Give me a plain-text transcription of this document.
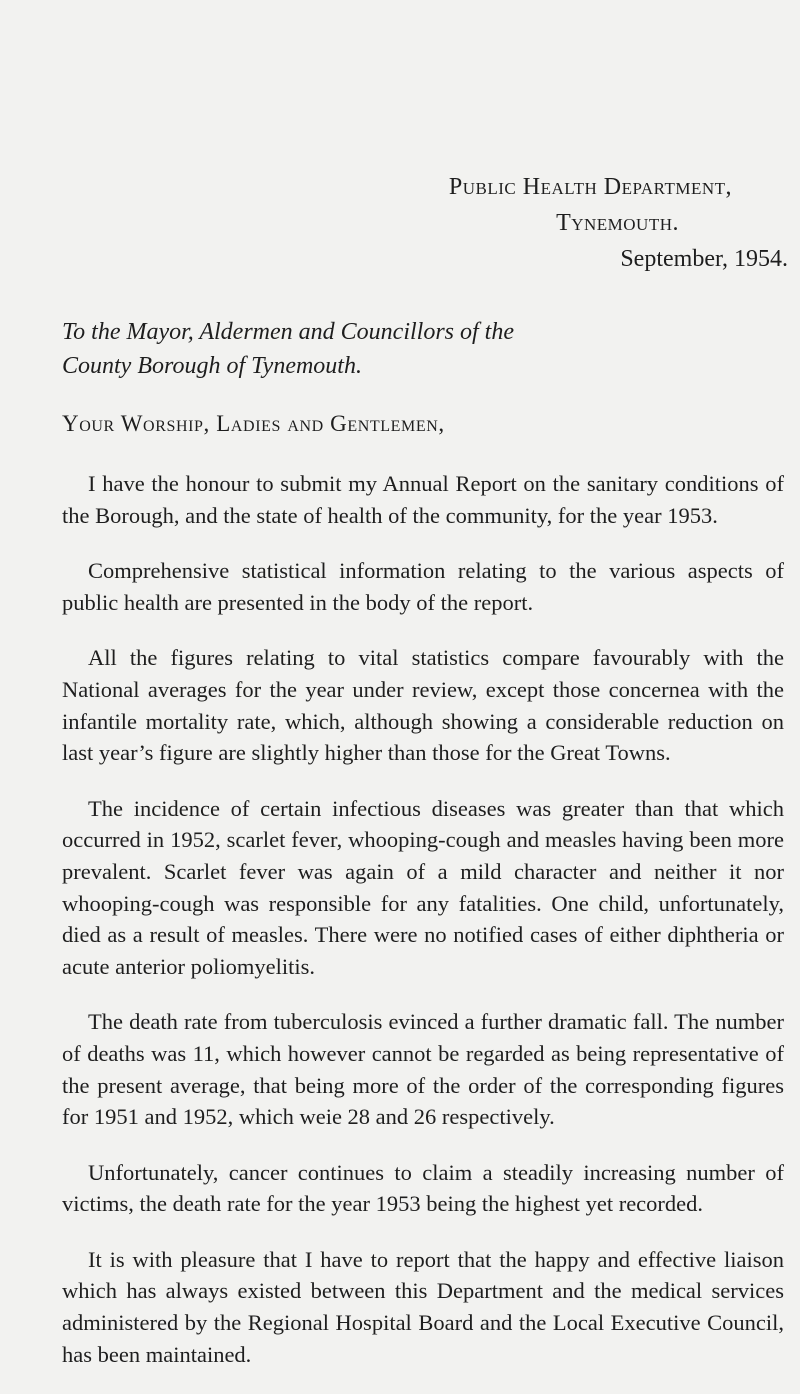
Public Health Department,
Tynemouth.
September, 1954.
To the Mayor, Aldermen and Councillors of the
County Borough of Tynemouth.
Your Worship, Ladies and Gentlemen,

I have the honour to submit my Annual Report on the sanitary conditions of the Borough, and the state of health of the community, for the year 1953.

Comprehensive statistical information relating to the various aspects of public health are presented in the body of the report.

All the figures relating to vital statistics compare favourably with the National averages for the year under review, except those concernea with the infantile mortality rate, which, although showing a considerable reduction on last year’s figure are slightly higher than those for the Great Towns.

The incidence of certain infectious diseases was greater than that which occurred in 1952, scarlet fever, whooping-cough and measles having been more prevalent. Scarlet fever was again of a mild character and neither it nor whooping-cough was responsible for any fatalities. One child, unfortunately, died as a result of measles. There were no notified cases of either diphtheria or acute anterior poliomyelitis.

The death rate from tuberculosis evinced a further dramatic fall. The number of deaths was 11, which however cannot be regarded as being representative of the present average, that being more of the order of the corresponding figures for 1951 and 1952, which weie 28 and 26 respectively.

Unfortunately, cancer continues to claim a steadily increasing number of victims, the death rate for the year 1953 being the highest yet recorded.

It is with pleasure that I have to report that the happy and effective liaison which has always existed between this Department and the medical services administered by the Regional Hospital Board and the Local Executive Council, has been maintained.
